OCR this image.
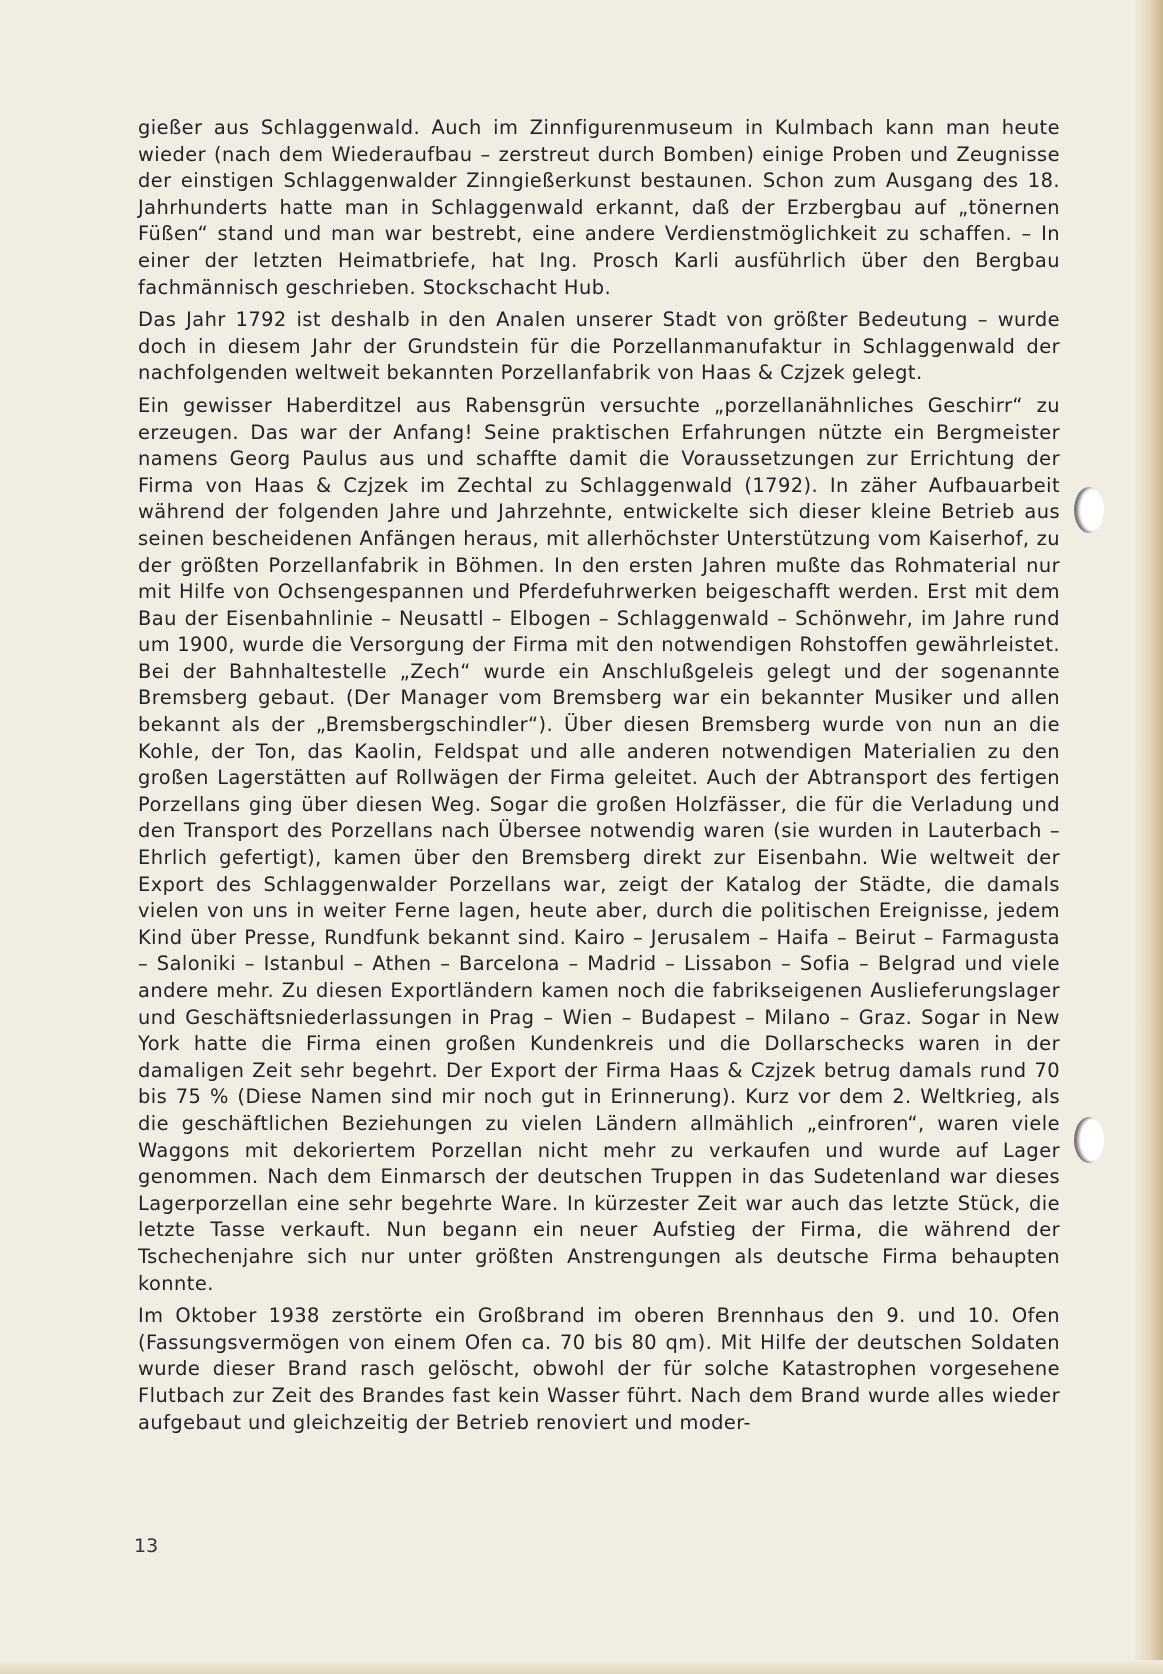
gießer aus Schlaggenwald. Auch im Zinnfigurenmuseum in Kulmbach kann man heute wieder (nach dem Wiederaufbau – zerstreut durch Bomben) einige Proben und Zeugnisse der einstigen Schlaggenwalder Zinngießerkunst bestaunen. Schon zum Ausgang des 18. Jahrhunderts hatte man in Schlaggenwald erkannt, daß der Erzbergbau auf „tönernen Füßen“ stand und man war bestrebt, eine andere Verdienstmöglichkeit zu schaffen. – In einer der letzten Heimatbriefe, hat Ing. Prosch Karli ausführlich über den Bergbau fachmännisch geschrieben. Stockschacht Hub.

Das Jahr 1792 ist deshalb in den Analen unserer Stadt von größter Bedeutung – wurde doch in diesem Jahr der Grundstein für die Porzellanmanufaktur in Schlaggenwald der nachfolgenden weltweit bekannten Porzellanfabrik von Haas & Czjzek gelegt.

Ein gewisser Haberditzel aus Rabensgrün versuchte „porzellanähnliches Geschirr“ zu erzeugen. Das war der Anfang! Seine praktischen Erfahrungen nützte ein Bergmeister namens Georg Paulus aus und schaffte damit die Voraussetzungen zur Errichtung der Firma von Haas & Czjzek im Zechtal zu Schlaggenwald (1792). In zäher Aufbauarbeit während der folgenden Jahre und Jahrzehnte, entwickelte sich dieser kleine Betrieb aus seinen bescheidenen Anfängen heraus, mit allerhöchster Unterstützung vom Kaiserhof, zu der größten Porzellanfabrik in Böhmen. In den ersten Jahren mußte das Rohmaterial nur mit Hilfe von Ochsengespannen und Pferdefuhrwerken beigeschafft werden. Erst mit dem Bau der Eisenbahnlinie – Neusattl – Elbogen – Schlaggenwald – Schönwehr, im Jahre rund um 1900, wurde die Versorgung der Firma mit den notwendigen Rohstoffen gewährleistet. Bei der Bahnhaltestelle „Zech“ wurde ein Anschlußgeleis gelegt und der sogenannte Bremsberg gebaut. (Der Manager vom Bremsberg war ein bekannter Musiker und allen bekannt als der „Bremsbergschindler“). Über diesen Bremsberg wurde von nun an die Kohle, der Ton, das Kaolin, Feldspat und alle anderen notwendigen Materialien zu den großen Lagerstätten auf Rollwägen der Firma geleitet. Auch der Abtransport des fertigen Porzellans ging über diesen Weg. Sogar die großen Holzfässer, die für die Verladung und den Transport des Porzellans nach Übersee notwendig waren (sie wurden in Lauterbach – Ehrlich gefertigt), kamen über den Bremsberg direkt zur Eisenbahn. Wie weltweit der Export des Schlaggenwalder Porzellans war, zeigt der Katalog der Städte, die damals vielen von uns in weiter Ferne lagen, heute aber, durch die politischen Ereignisse, jedem Kind über Presse, Rundfunk bekannt sind. Kairo – Jerusalem – Haifa – Beirut – Farmagusta – Saloniki – Istanbul – Athen – Barcelona – Madrid – Lissabon – Sofia – Belgrad und viele andere mehr. Zu diesen Exportländern kamen noch die fabrikseigenen Auslieferungslager und Geschäftsniederlassungen in Prag – Wien – Budapest – Milano – Graz. Sogar in New York hatte die Firma einen großen Kundenkreis und die Dollarschecks waren in der damaligen Zeit sehr begehrt. Der Export der Firma Haas & Czjzek betrug damals rund 70 bis 75 % (Diese Namen sind mir noch gut in Erinnerung). Kurz vor dem 2. Weltkrieg, als die geschäftlichen Beziehungen zu vielen Ländern allmählich „einfroren“, waren viele Waggons mit dekoriertem Porzellan nicht mehr zu verkaufen und wurde auf Lager genommen. Nach dem Einmarsch der deutschen Truppen in das Sudetenland war dieses Lagerporzellan eine sehr begehrte Ware. In kürzester Zeit war auch das letzte Stück, die letzte Tasse verkauft. Nun begann ein neuer Aufstieg der Firma, die während der Tschechenjahre sich nur unter größten Anstrengungen als deutsche Firma behaupten konnte.

Im Oktober 1938 zerstörte ein Großbrand im oberen Brennhaus den 9. und 10. Ofen (Fassungsvermögen von einem Ofen ca. 70 bis 80 qm). Mit Hilfe der deutschen Soldaten wurde dieser Brand rasch gelöscht, obwohl der für solche Katastrophen vorgesehene Flutbach zur Zeit des Brandes fast kein Wasser führt. Nach dem Brand wurde alles wieder aufgebaut und gleichzeitig der Betrieb renoviert und moder-

13
